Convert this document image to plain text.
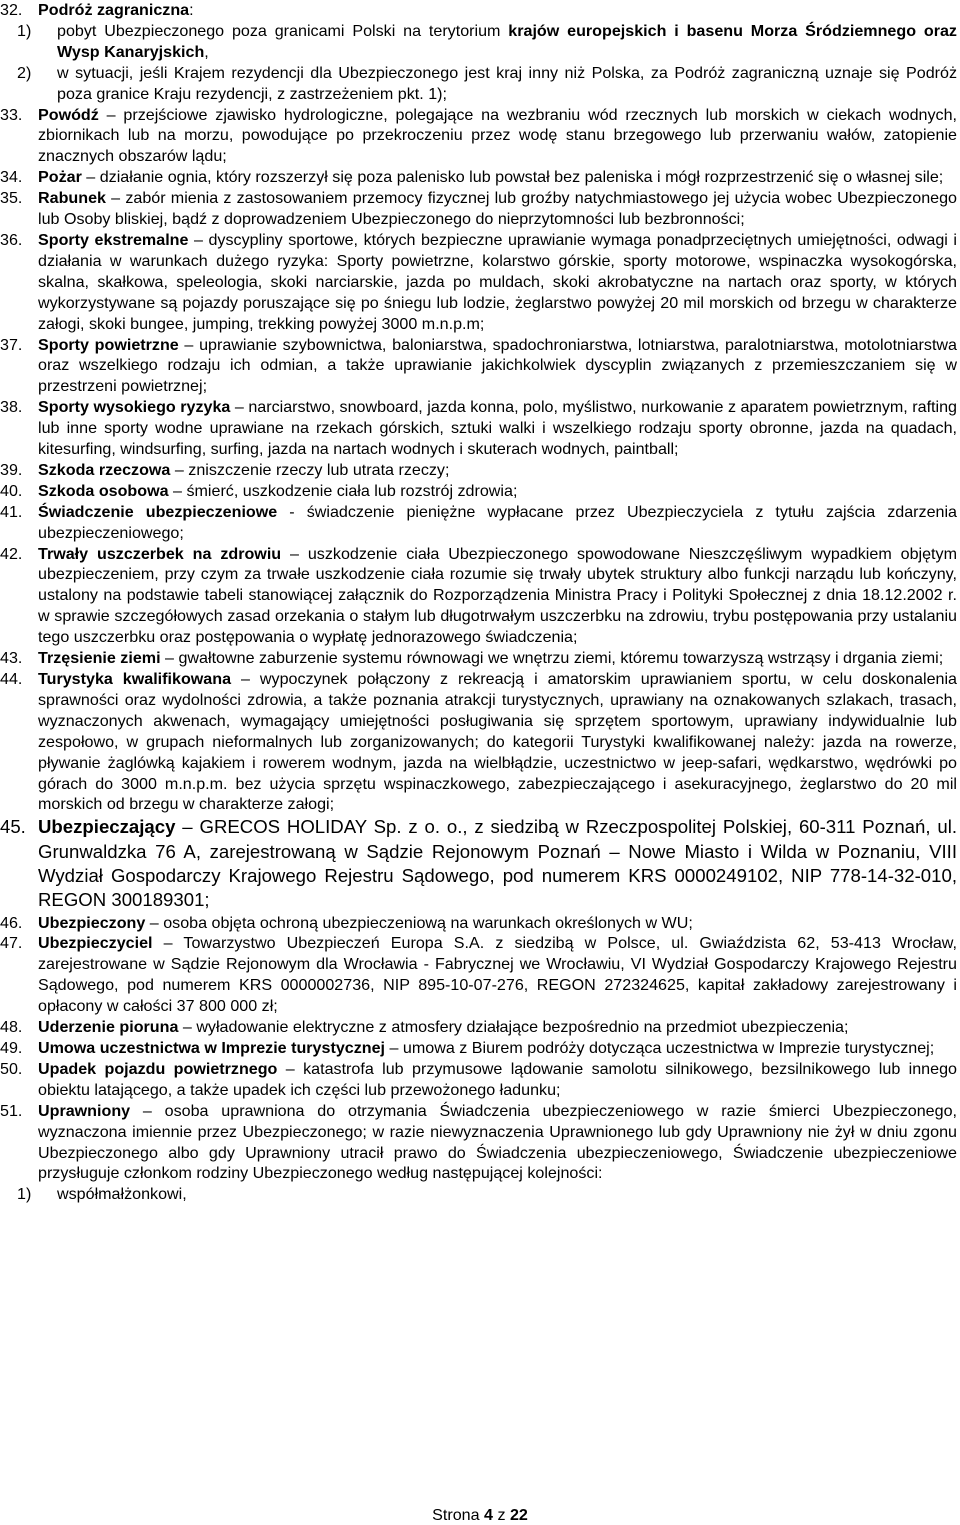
32. Podróż zagraniczna:
1) pobyt Ubezpieczonego poza granicami Polski na terytorium krajów europejskich i basenu Morza Śródziemnego oraz Wysp Kanaryjskich,
2) w sytuacji, jeśli Krajem rezydencji dla Ubezpieczonego jest kraj inny niż Polska, za Podróż zagraniczną uznaje się Podróż poza granice Kraju rezydencji, z zastrzeżeniem pkt. 1);
33. Powódź – przejściowe zjawisko hydrologiczne, polegające na wezbraniu wód rzecznych lub morskich w ciekach wodnych, zbiornikach lub na morzu, powodujące po przekroczeniu przez wodę stanu brzegowego lub przerwaniu wałów, zatopienie znacznych obszarów lądu;
34. Pożar – działanie ognia, który rozszerzył się poza palenisko lub powstał bez paleniska i mógł rozprzestrzenić się o własnej sile;
35. Rabunek – zabór mienia z zastosowaniem przemocy fizycznej lub groźby natychmiastowego jej użycia wobec Ubezpieczonego lub Osoby bliskiej, bądź z doprowadzeniem Ubezpieczonego do nieprzytomności lub bezbronności;
36. Sporty ekstremalne – dyscypliny sportowe, których bezpieczne uprawianie wymaga ponadprzeciętnych umiejętności, odwagi i działania w warunkach dużego ryzyka: Sporty powietrzne, kolarstwo górskie, sporty motorowe, wspinaczka wysokogórska, skalna, skałkowa, speleologia, skoki narciarskie, jazda po muldach, skoki akrobatyczne na nartach oraz sporty, w których wykorzystywane są pojazdy poruszające się po śniegu lub lodzie, żeglarstwo powyżej 20 mil morskich od brzegu w charakterze załogi, skoki bungee, jumping, trekking powyżej 3000 m.n.p.m;
37. Sporty powietrzne – uprawianie szybownictwa, baloniarstwa, spadochroniarstwa, lotniarstwa, paralotniarstwa, motolotniarstwa oraz wszelkiego rodzaju ich odmian, a także uprawianie jakichkolwiek dyscyplin związanych z przemieszczaniem się w przestrzeni powietrznej;
38. Sporty wysokiego ryzyka – narciarstwo, snowboard, jazda konna, polo, myślistwo, nurkowanie z aparatem powietrznym, rafting lub inne sporty wodne uprawiane na rzekach górskich, sztuki walki i wszelkiego rodzaju sporty obronne, jazda na quadach, kitesurfing, windsurfing, surfing, jazda na nartach wodnych i skuterach wodnych, paintball;
39. Szkoda rzeczowa – zniszczenie rzeczy lub utrata rzeczy;
40. Szkoda osobowa – śmierć, uszkodzenie ciała lub rozstrój zdrowia;
41. Świadczenie ubezpieczeniowe - świadczenie pieniężne wypłacane przez Ubezpieczyciela z tytułu zajścia zdarzenia ubezpieczeniowego;
42. Trwały uszczerbek na zdrowiu – uszkodzenie ciała Ubezpieczonego spowodowane Nieszczęśliwym wypadkiem objętym ubezpieczeniem, przy czym za trwałe uszkodzenie ciała rozumie się trwały ubytek struktury albo funkcji narządu lub kończyny, ustalony na podstawie tabeli stanowiącej załącznik do Rozporządzenia Ministra Pracy i Polityki Społecznej z dnia 18.12.2002 r. w sprawie szczegółowych zasad orzekania o stałym lub długotrwałym uszczerbku na zdrowiu, trybu postępowania przy ustalaniu tego uszczerbku oraz postępowania o wypłatę jednorazowego świadczenia;
43. Trzęsienie ziemi – gwałtowne zaburzenie systemu równowagi we wnętrzu ziemi, któremu towarzyszą wstrząsy i drgania ziemi;
44. Turystyka kwalifikowana – wypoczynek połączony z rekreacją i amatorskim uprawianiem sportu, w celu doskonalenia sprawności oraz wydolności zdrowia, a także poznania atrakcji turystycznych, uprawiany na oznakowanych szlakach, trasach, wyznaczonych akwenach, wymagający umiejętności posługiwania się sprzętem sportowym, uprawiany indywidualnie lub zespołowo, w grupach nieformalnych lub zorganizowanych; do kategorii Turystyki kwalifikowanej należy: jazda na rowerze, pływanie żaglówką kajakiem i rowerem wodnym, jazda na wielbłądzie, uczestnictwo w jeep-safari, wędkarstwo, wędrówki po górach do 3000 m.n.p.m. bez użycia sprzętu wspinaczkowego, zabezpieczającego i asekuracyjnego, żeglarstwo do 20 mil morskich od brzegu w charakterze załogi;
45. Ubezpieczający – GRECOS HOLIDAY Sp. z o. o., z siedzibą w Rzeczpospolitej Polskiej, 60-311 Poznań, ul. Grunwaldzka 76 A, zarejestrowaną w Sądzie Rejonowym Poznań – Nowe Miasto i Wilda w Poznaniu, VIII Wydział Gospodarczy Krajowego Rejestru Sądowego, pod numerem KRS 0000249102, NIP 778-14-32-010, REGON 300189301;
46. Ubezpieczony – osoba objęta ochroną ubezpieczeniową na warunkach określonych w WU;
47. Ubezpieczyciel – Towarzystwo Ubezpieczeń Europa S.A. z siedzibą w Polsce, ul. Gwiaździsta 62, 53-413 Wrocław, zarejestrowane w Sądzie Rejonowym dla Wrocławia - Fabrycznej we Wrocławiu, VI Wydział Gospodarczy Krajowego Rejestru Sądowego, pod numerem KRS 0000002736, NIP 895-10-07-276, REGON 272324625, kapitał zakładowy zarejestrowany i opłacony w całości 37 800 000 zł;
48. Uderzenie pioruna – wyładowanie elektryczne z atmosfery działające bezpośrednio na przedmiot ubezpieczenia;
49. Umowa uczestnictwa w Imprezie turystycznej – umowa z Biurem podróży dotycząca uczestnictwa w Imprezie turystycznej;
50. Upadek pojazdu powietrznego – katastrofa lub przymusowe lądowanie samolotu silnikowego, bezsilnikowego lub innego obiektu latającego, a także upadek ich części lub przewożonego ładunku;
51. Uprawniony – osoba uprawniona do otrzymania Świadczenia ubezpieczeniowego w razie śmierci Ubezpieczonego, wyznaczona imiennie przez Ubezpieczonego; w razie niewyznaczenia Uprawnionego lub gdy Uprawniony nie żył w dniu zgonu Ubezpieczonego albo gdy Uprawniony utracił prawo do Świadczenia ubezpieczeniowego, Świadczenie ubezpieczeniowe przysługuje członkom rodziny Ubezpieczonego według następującej kolejności:
1) współmałżonkowi,
Strona 4 z 22
